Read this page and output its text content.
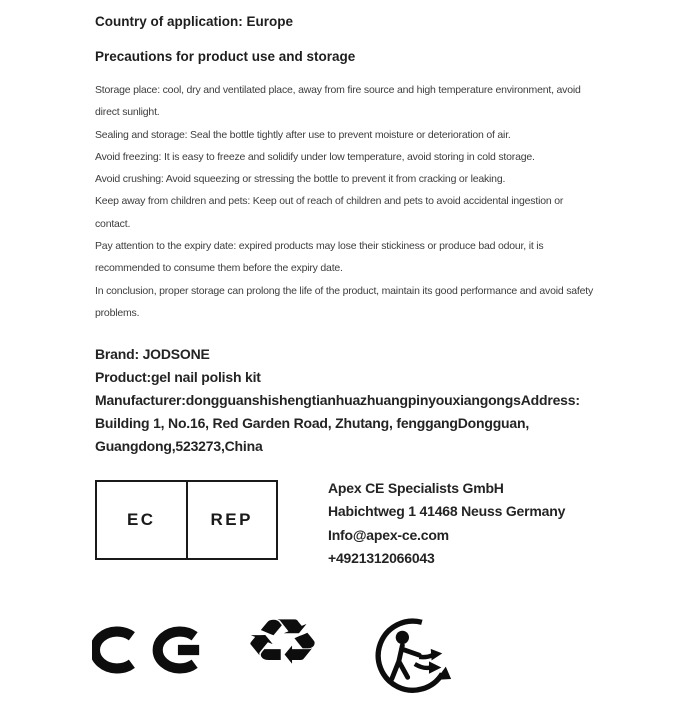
Country of application: Europe
Precautions for product use and storage

Storage place: cool, dry and ventilated place, away from fire source and high temperature environment, avoid direct sunlight.

Sealing and storage: Seal the bottle tightly after use to prevent moisture or deterioration of air.

Avoid freezing: It is easy to freeze and solidify under low temperature, avoid storing in cold storage.

Avoid crushing: Avoid squeezing or stressing the bottle to prevent it from cracking or leaking.

Keep away from children and pets: Keep out of reach of children and pets to avoid accidental ingestion or contact.

Pay attention to the expiry date: expired products may lose their stickiness or produce bad odour, it is recommended to consume them before the expiry date.

In conclusion, proper storage can prolong the life of the product, maintain its good performance and avoid safety problems.

Brand: JODSONE
Product:gel nail polish kit
Manufacturer:dongguanshishengtianhuazhuangpinyouxiangongsAddress:
Building 1, No.16, Red Garden Road, Zhutang, fenggangDongguan,
Guangdong,523273,China
EC	REP
Apex CE Specialists GmbH
Habichtweg 1 41468 Neuss Germany
Info@apex-ce.com
+4921312066043
♻
